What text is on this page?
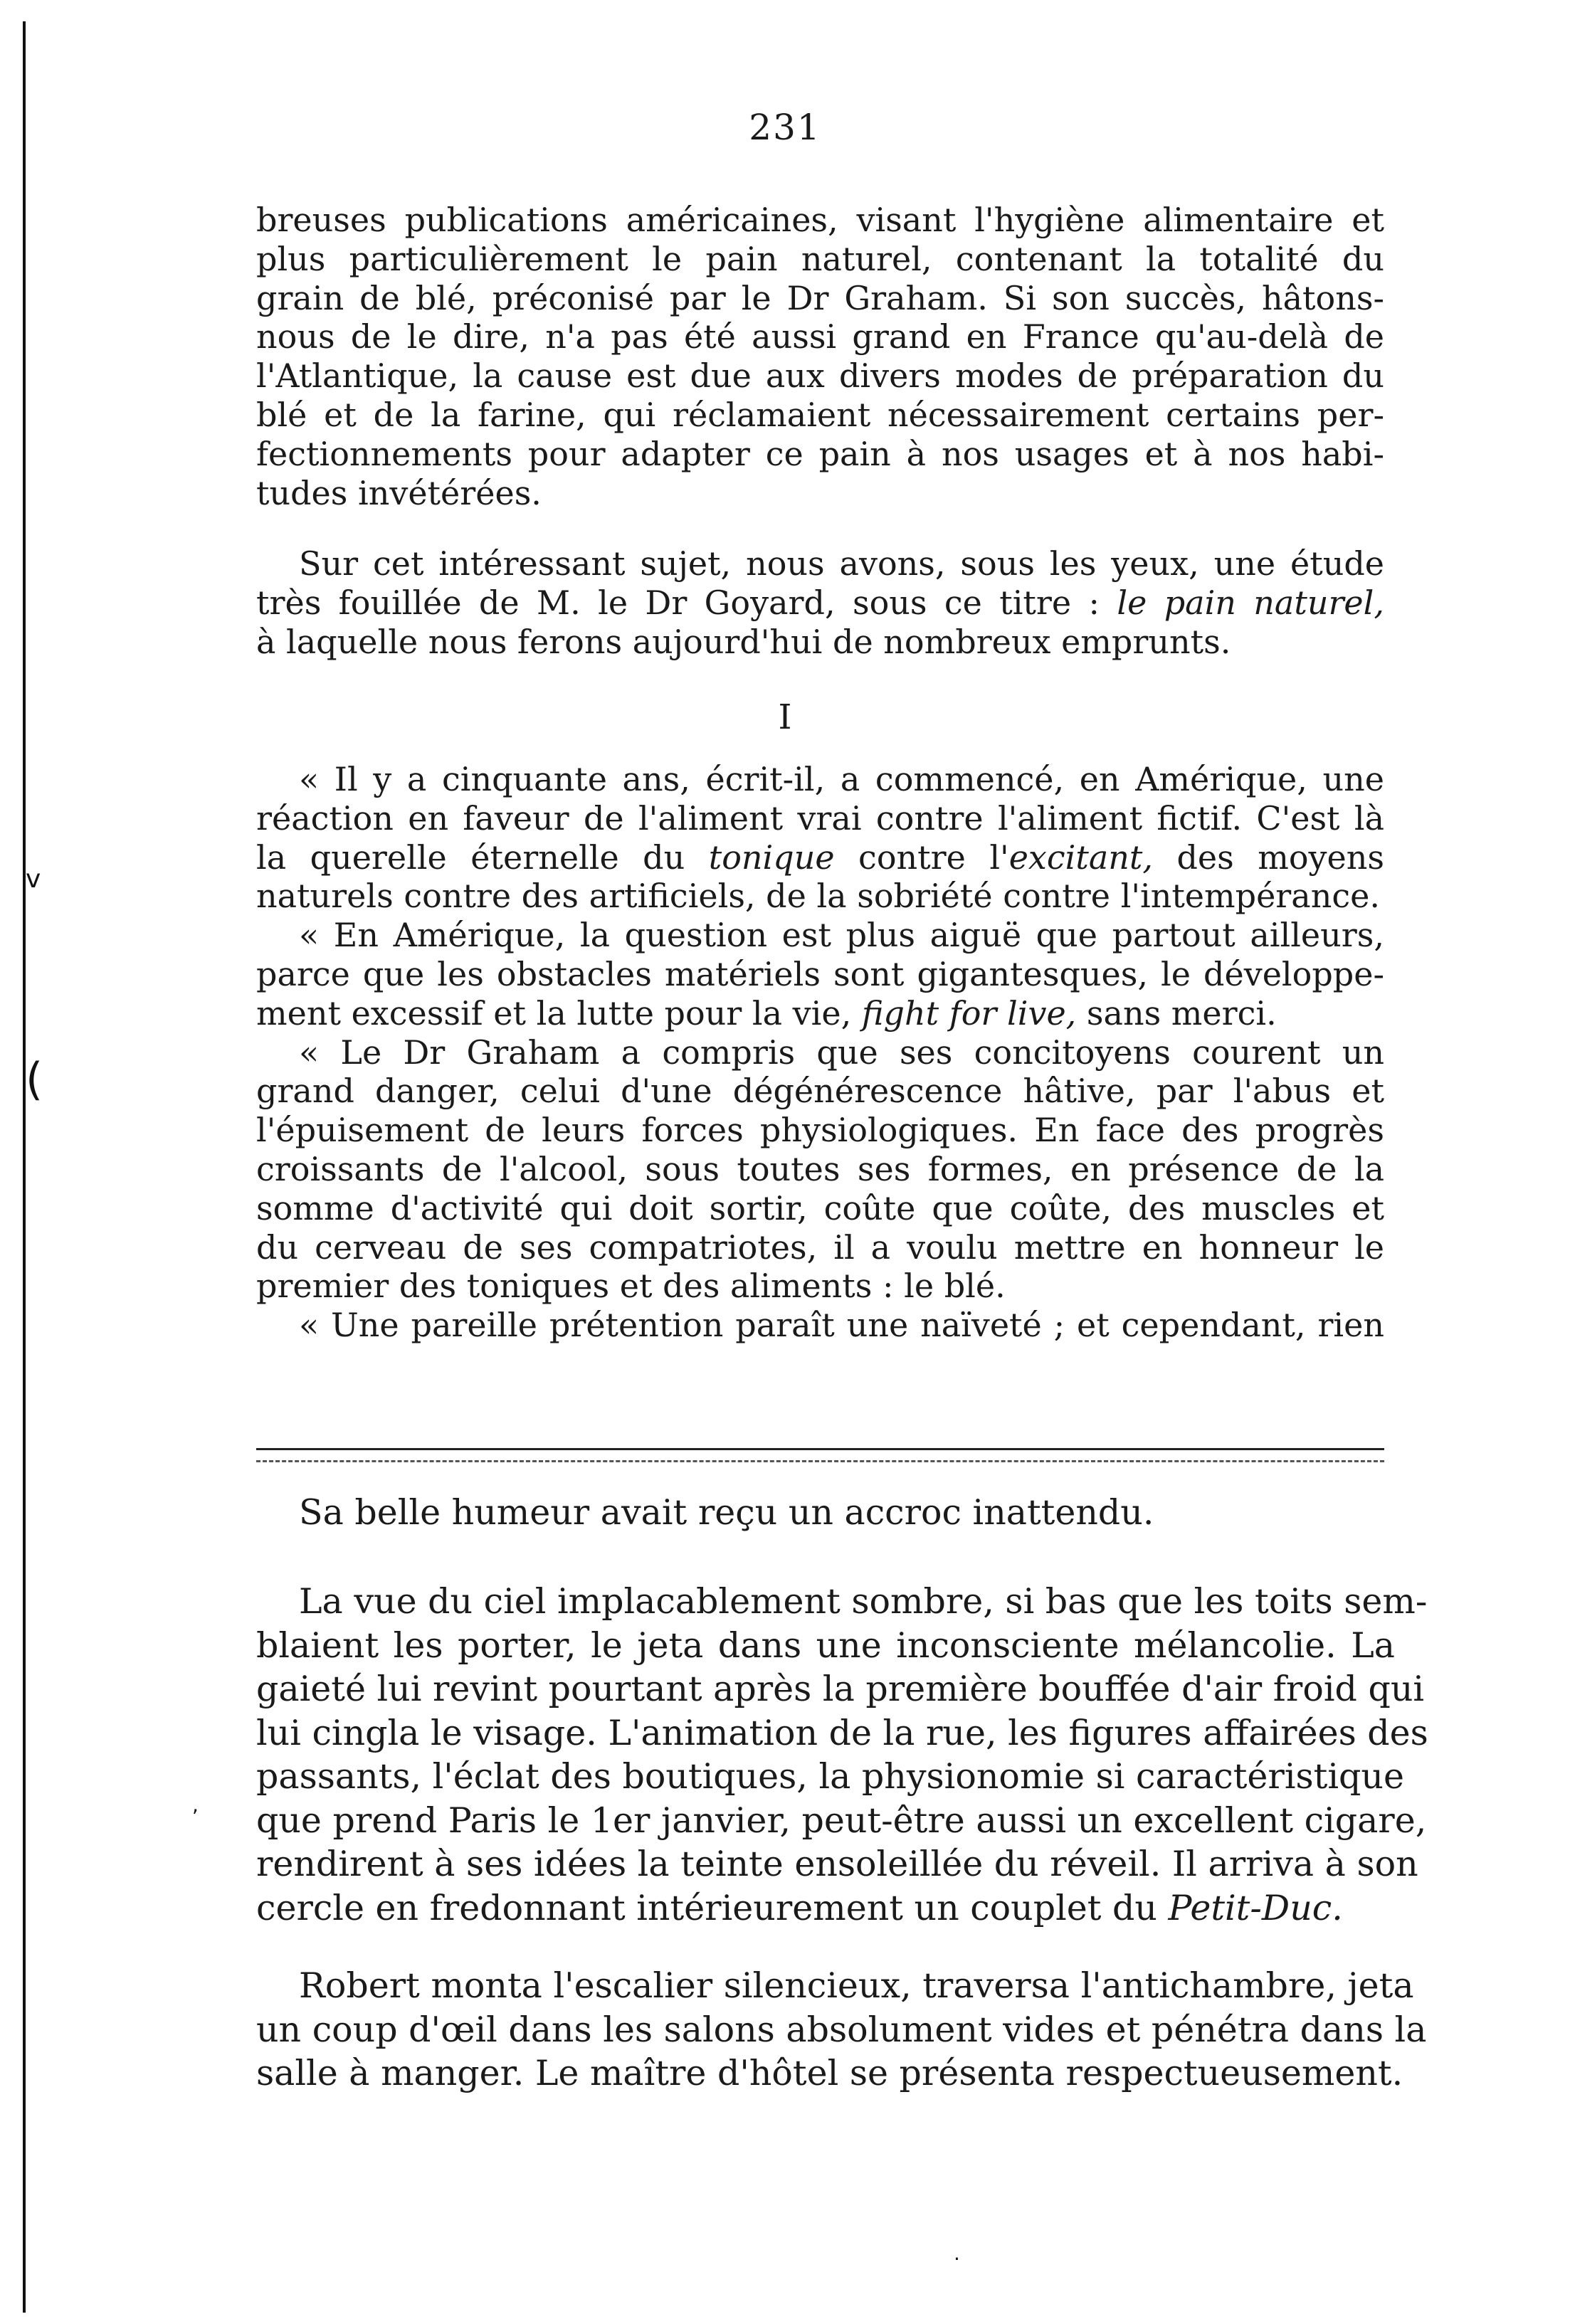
v
(
,
.
231
breuses publications américaines, visant l'hygiène alimentaire et
plus particulièrement le pain naturel, contenant la totalité du
grain de blé, préconisé par le Dr Graham. Si son succès, hâtons-
nous de le dire, n'a pas été aussi grand en France qu'au-delà de
l'Atlantique, la cause est due aux divers modes de préparation du
blé et de la farine, qui réclamaient nécessairement certains per-
fectionnements pour adapter ce pain à nos usages et à nos habi-
tudes invétérées.
Sur cet intéressant sujet, nous avons, sous les yeux, une étude
très fouillée de M. le Dr Goyard, sous ce titre : le pain naturel,
à laquelle nous ferons aujourd'hui de nombreux emprunts.
I
« Il y a cinquante ans, écrit-il, a commencé, en Amérique, une
réaction en faveur de l'aliment vrai contre l'aliment fictif. C'est là
la querelle éternelle du tonique contre l'excitant, des moyens
naturels contre des artificiels, de la sobriété contre l'intempérance.
« En Amérique, la question est plus aiguë que partout ailleurs,
parce que les obstacles matériels sont gigantesques, le développe-
ment excessif et la lutte pour la vie, fight for live, sans merci.
« Le Dr Graham a compris que ses concitoyens courent un
grand danger, celui d'une dégénérescence hâtive, par l'abus et
l'épuisement de leurs forces physiologiques. En face des progrès
croissants de l'alcool, sous toutes ses formes, en présence de la
somme d'activité qui doit sortir, coûte que coûte, des muscles et
du cerveau de ses compatriotes, il a voulu mettre en honneur le
premier des toniques et des aliments : le blé.
« Une pareille prétention paraît une naïveté ; et cependant, rien
Sa belle humeur avait reçu un accroc inattendu.
La vue du ciel implacablement sombre, si bas que les toits sem-
blaient les porter, le jeta dans une inconsciente mélancolie. La
gaieté lui revint pourtant après la première bouffée d'air froid qui
lui cingla le visage. L'animation de la rue, les figures affairées des
passants, l'éclat des boutiques, la physionomie si caractéristique
que prend Paris le 1er janvier, peut-être aussi un excellent cigare,
rendirent à ses idées la teinte ensoleillée du réveil. Il arriva à son
cercle en fredonnant intérieurement un couplet du Petit-Duc.
Robert monta l'escalier silencieux, traversa l'antichambre, jeta
un coup d'œil dans les salons absolument vides et pénétra dans la
salle à manger. Le maître d'hôtel se présenta respectueusement.
